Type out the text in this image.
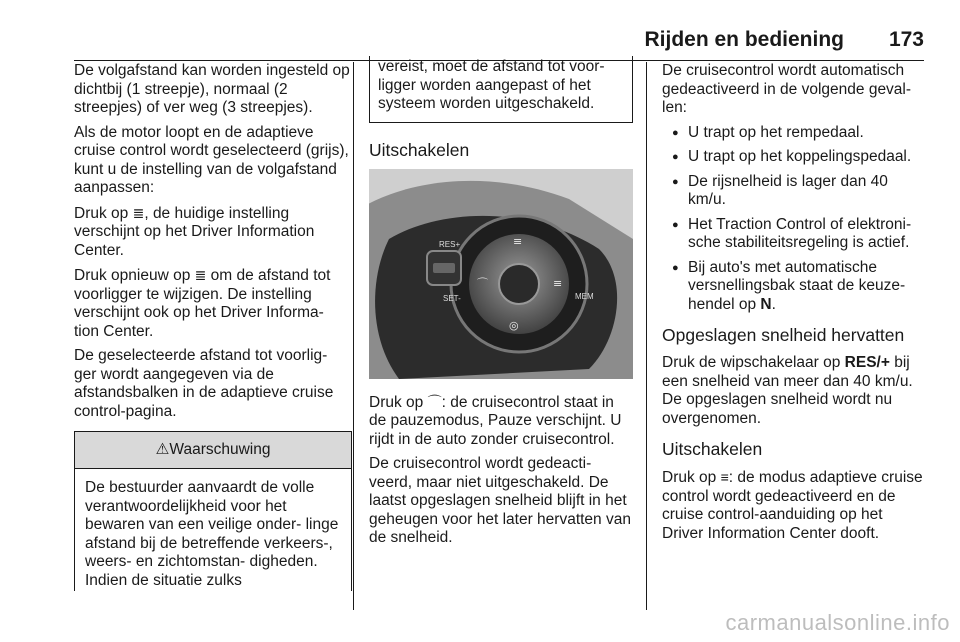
Rijden en bediening 173

De volgafstand kan worden ingesteld op dichtbij (1 streepje), normaal (2 streepjes) of ver weg (3 streepjes).

Als de motor loopt en de adaptieve cruise control wordt geselecteerd (grijs), kunt u de instelling van de volgafstand aanpassen:

Druk op ≣, de huidige instelling verschijnt op het Driver Information Center.

Druk opnieuw op ≣ om de afstand tot voorligger te wijzigen. De instelling verschijnt ook op het Driver Informa- tion Center.

De geselecteerde afstand tot voorlig- ger wordt aangegeven via de afstandsbalken in de adaptieve cruise control-pagina.

⚠Waarschuwing
De bestuurder aanvaardt de volle verantwoordelijkheid voor het bewaren van een veilige onder- linge afstand bij de betreffende verkeers-, weers- en zichtomstan- digheden. Indien de situatie zulks
vereist, moet de afstand tot voor- ligger worden aangepast of het systeem worden uitgeschakeld.
Uitschakelen
RES+
SET-	MEM
≡
⌒	≡
◎

Druk op ⌒: de cruisecontrol staat in de pauzemodus, Pauze verschijnt. U rijdt in de auto zonder cruisecontrol.

De cruisecontrol wordt gedeacti- veerd, maar niet uitgeschakeld. De laatst opgeslagen snelheid blijft in het geheugen voor het later hervatten van de snelheid.

De cruisecontrol wordt automatisch gedeactiveerd in de volgende geval- len:

● U trapt op het rempedaal.
● U trapt op het koppelingspedaal.
● De rijsnelheid is lager dan 40 km/u.
● Het Traction Control of elektroni- sche stabiliteitsregeling is actief.
● Bij auto's met automatische versnellingsbak staat de keuze- hendel op N.
Opgeslagen snelheid hervatten

Druk de wipschakelaar op RES/+ bij een snelheid van meer dan 40 km/u. De opgeslagen snelheid wordt nu overgenomen.

Uitschakelen

Druk op ≡: de modus adaptieve cruise control wordt gedeactiveerd en de cruise control-aanduiding op het Driver Information Center dooft.

carmanualsonline.info
